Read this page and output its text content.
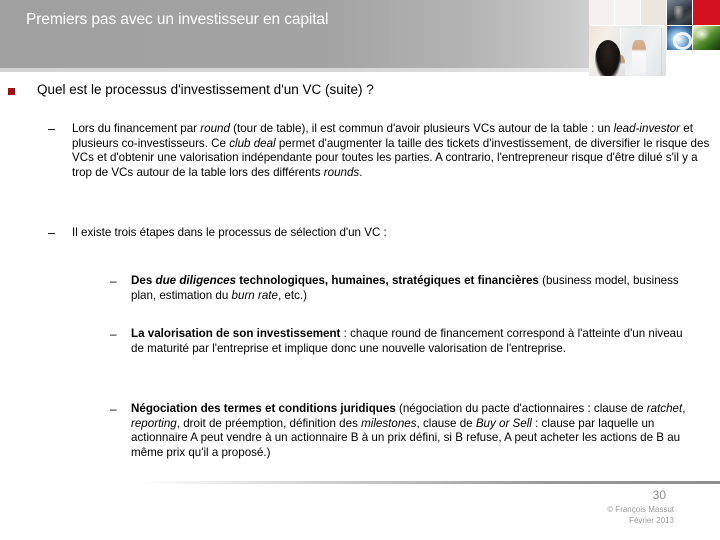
Premiers pas avec un investisseur en capital
Quel est le processus d'investissement d'un VC (suite) ?
– Lors du financement par round (tour de table), il est commun d'avoir plusieurs VCs autour de la table : un lead-investor et plusieurs co-investisseurs. Ce club deal permet d'augmenter la taille des tickets d'investissement, de diversifier le risque des VCs et d'obtenir une valorisation indépendante pour toutes les parties. A contrario, l'entrepreneur risque d'être dilué s'il y a trop de VCs autour de la table lors des différents rounds.
– Il existe trois étapes dans le processus de sélection d'un VC :
– Des due diligences technologiques, humaines, stratégiques et financières (business model, business plan, estimation du burn rate, etc.)
– La valorisation de son investissement : chaque round de financement correspond à l'atteinte d'un niveau de maturité par l'entreprise et implique donc une nouvelle valorisation de l'entreprise.
– Négociation des termes et conditions juridiques (négociation du pacte d'actionnaires : clause de ratchet, reporting, droit de préemption, définition des milestones, clause de Buy or Sell : clause par laquelle un actionnaire A peut vendre à un actionnaire B à un prix défini, si B refuse, A peut acheter les actions de B au même prix qu'il a proposé.)
30
© François Massut
Février 2013
